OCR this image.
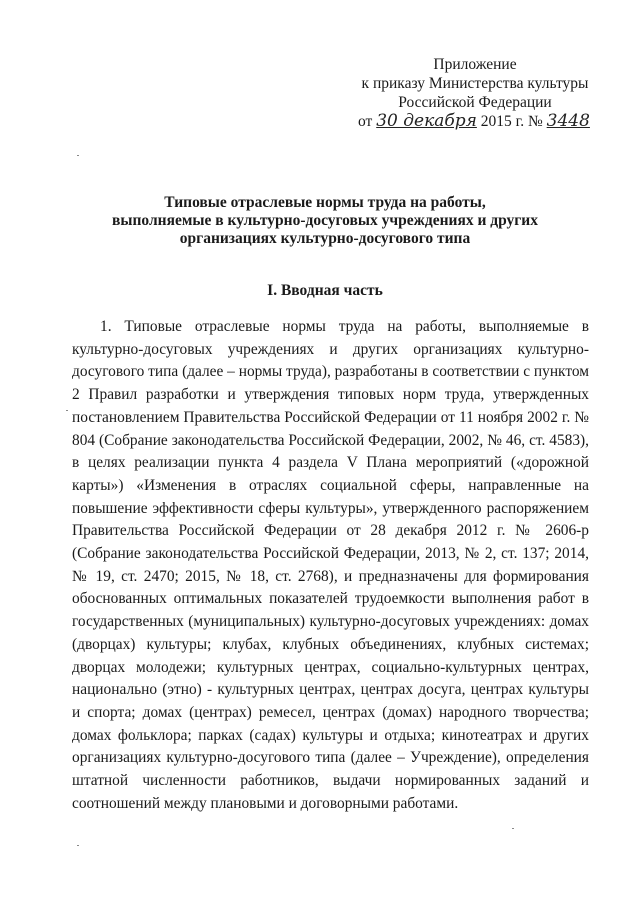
Приложение
к приказу Министерства культуры
Российской Федерации
от 30 декабря 2015 г. № 3448
Типовые отраслевые нормы труда на работы,
выполняемые в культурно-досуговых учреждениях и других
организациях культурно-досугового типа
I. Вводная часть

1. Типовые отраслевые нормы труда на работы, выполняемые в культурно-досуговых учреждениях и других организациях культурно-досугового типа (далее – нормы труда), разработаны в соответствии с пунктом 2 Правил разработки и утверждения типовых норм труда, утвержденных постановлением Правительства Российской Федерации от 11 ноября 2002 г. № 804 (Собрание законодательства Российской Федерации, 2002, № 46, ст. 4583), в целях реализации пункта 4 раздела V Плана мероприятий («дорожной карты») «Изменения в отраслях социальной сферы, направленные на повышение эффективности сферы культуры», утвержденного распоряжением Правительства Российской Федерации от 28 декабря 2012 г. № 2606-р (Собрание законодательства Российской Федерации, 2013, № 2, ст. 137; 2014, № 19, ст. 2470; 2015, № 18, ст. 2768), и предназначены для формирования обоснованных оптимальных показателей трудоемкости выполнения работ в государственных (муниципальных) культурно-досуговых учреждениях: домах (дворцах) культуры; клубах, клубных объединениях, клубных системах; дворцах молодежи; культурных центрах, социально-культурных центрах, национально (этно) - культурных центрах, центрах досуга, центрах культуры и спорта; домах (центрах) ремесел, центрах (домах) народного творчества; домах фольклора; парках (садах) культуры и отдыха; кинотеатрах и других организациях культурно-досугового типа (далее – Учреждение), определения штатной численности работников, выдачи нормированных заданий и соотношений между плановыми и договорными работами.
